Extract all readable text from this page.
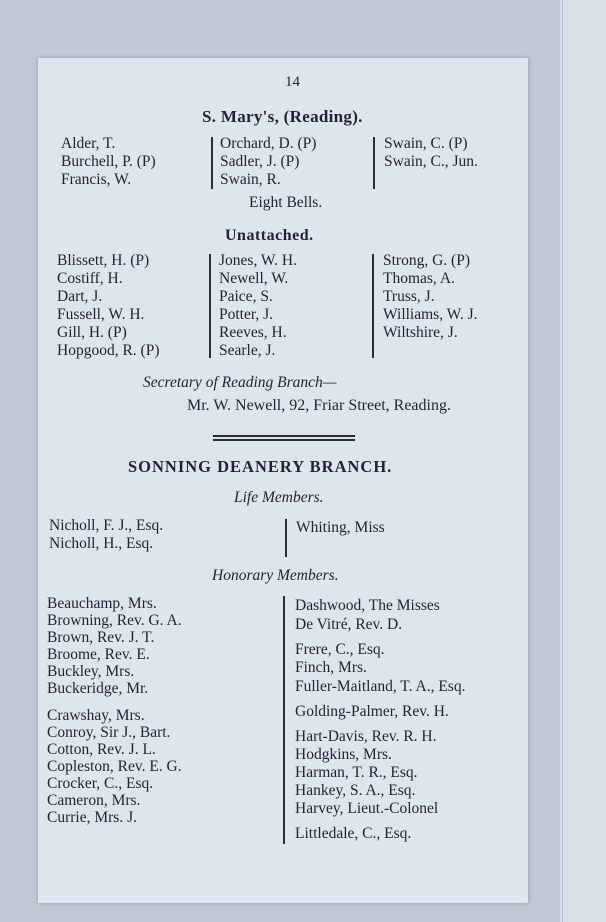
14
S. Mary's, (Reading).
Alder, T.
Burchell, P. (P)
Francis, W.
Orchard, D. (P)
Sadler, J. (P)
Swain, R.
Swain, C. (P)
Swain, C., Jun.
Eight Bells.
Unattached.
Blissett, H. (P)
Costiff, H.
Dart, J.
Fussell, W. H.
Gill, H. (P)
Hopgood, R. (P)
Jones, W. H.
Newell, W.
Paice, S.
Potter, J.
Reeves, H.
Searle, J.
Strong, G. (P)
Thomas, A.
Truss, J.
Williams, W. J.
Wiltshire, J.
Secretary of Reading Branch—
Mr. W. Newell, 92, Friar Street, Reading.
SONNING DEANERY BRANCH.
Life Members.
Nicholl, F. J., Esq.
Nicholl, H., Esq.
Whiting, Miss
Honorary Members.
Beauchamp, Mrs.
Browning, Rev. G. A.
Brown, Rev. J. T.
Broome, Rev. E.
Buckley, Mrs.
Buckeridge, Mr.
Crawshay, Mrs.
Conroy, Sir J., Bart.
Cotton, Rev. J. L.
Copleston, Rev. E. G.
Crocker, C., Esq.
Cameron, Mrs.
Currie, Mrs. J.
Dashwood, The Misses
De Vitré, Rev. D.
Frere, C., Esq.
Finch, Mrs.
Fuller-Maitland, T. A., Esq.
Golding-Palmer, Rev. H.
Hart-Davis, Rev. R. H.
Hodgkins, Mrs.
Harman, T. R., Esq.
Hankey, S. A., Esq.
Harvey, Lieut.-Colonel
Littledale, C., Esq.
